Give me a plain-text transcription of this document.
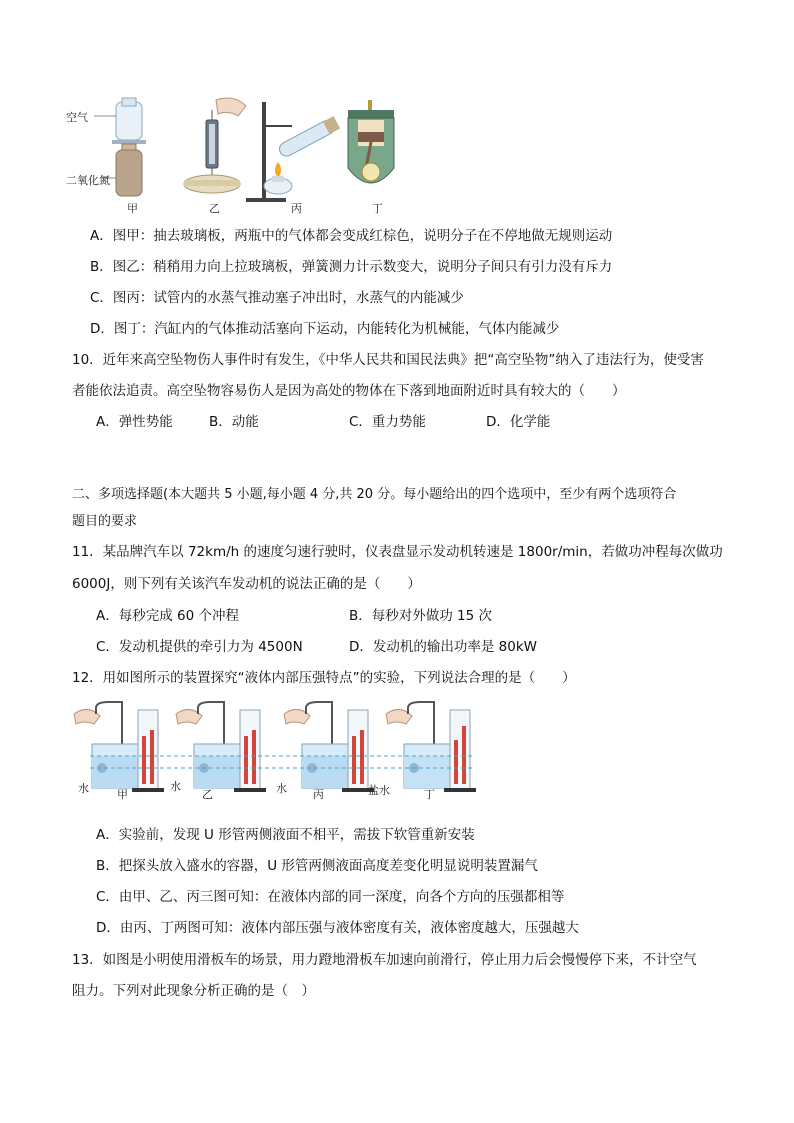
空气
二氧化氮
甲	乙	丙	丁
A．图甲：抽去玻璃板，两瓶中的气体都会变成红棕色，说明分子在不停地做无规则运动
B．图乙：稍稍用力向上拉玻璃板，弹簧测力计示数变大，说明分子间只有引力没有斥力
C．图丙：试管内的水蒸气推动塞子冲出时，水蒸气的内能减少
D．图丁：汽缸内的气体推动活塞向下运动，内能转化为机械能，气体内能减少
10．近年来高空坠物伤人事件时有发生，《中华人民共和国民法典》把“高空坠物”纳入了违法行为，使受害
者能依法追责。高空坠物容易伤人是因为高处的物体在下落到地面附近时具有较大的（　　）
A．弹性势能	B．动能	C．重力势能	D．化学能
二、多项选择题(本大题共 5 小题,每小题 4 分,共 20 分。每小题给出的四个选项中，至少有两个选项符合
题目的要求
11．某品牌汽车以 72km/h 的速度匀速行驶时，仪表盘显示发动机转速是 1800r/min，若做功冲程每次做功
6000J，则下列有关该汽车发动机的说法正确的是（　　）
A．每秒完成 60 个冲程	B．每秒对外做功 15 次
C．发动机提供的牵引力为 4500N	D．发动机的输出功率是 80kW
12．用如图所示的装置探究“液体内部压强特点”的实验，下列说法合理的是（　　）
水	水	水	盐水
甲	乙	丙	丁
A．实验前，发现 U 形管两侧液面不相平，需拔下软管重新安装
B．把探头放入盛水的容器，U 形管两侧液面高度差变化明显说明装置漏气
C．由甲、乙、丙三图可知：在液体内部的同一深度，向各个方向的压强都相等
D．由丙、丁两图可知：液体内部压强与液体密度有关，液体密度越大，压强越大
13．如图是小明使用滑板车的场景，用力蹬地滑板车加速向前滑行，停止用力后会慢慢停下来，不计空气
阻力。下列对此现象分析正确的是（　）
